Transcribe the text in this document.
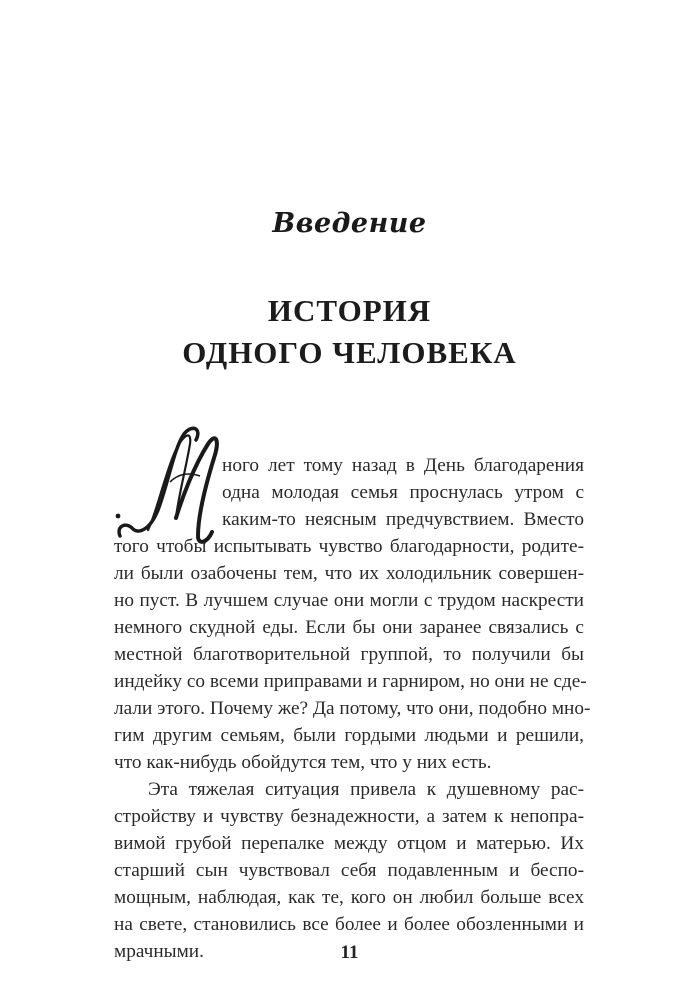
Введение
ИСТОРИЯ
ОДНОГО ЧЕЛОВЕКА
ного лет тому назад в День благодарения
одна молодая семья проснулась утром с
каким-то неясным предчувствием. Вместо
того чтобы испытывать чувство благодарности, родите-
ли были озабочены тем, что их холодильник совершен-
но пуст. В лучшем случае они могли с трудом наскрести
немного скудной еды. Если бы они заранее связались с
местной благотворительной группой, то получили бы
индейку со всеми приправами и гарниром, но они не сде-
лали этого. Почему же? Да потому, что они, подобно мно-
гим другим семьям, были гордыми людьми и решили,
что как-нибудь обойдутся тем, что у них есть.
Эта тяжелая ситуация привела к душевному рас-
стройству и чувству безнадежности, а затем к непопра-
вимой грубой перепалке между отцом и матерью. Их
старший сын чувствовал себя подавленным и беспо-
мощным, наблюдая, как те, кого он любил больше всех
на свете, становились все более и более обозленными и
мрачными.	11
